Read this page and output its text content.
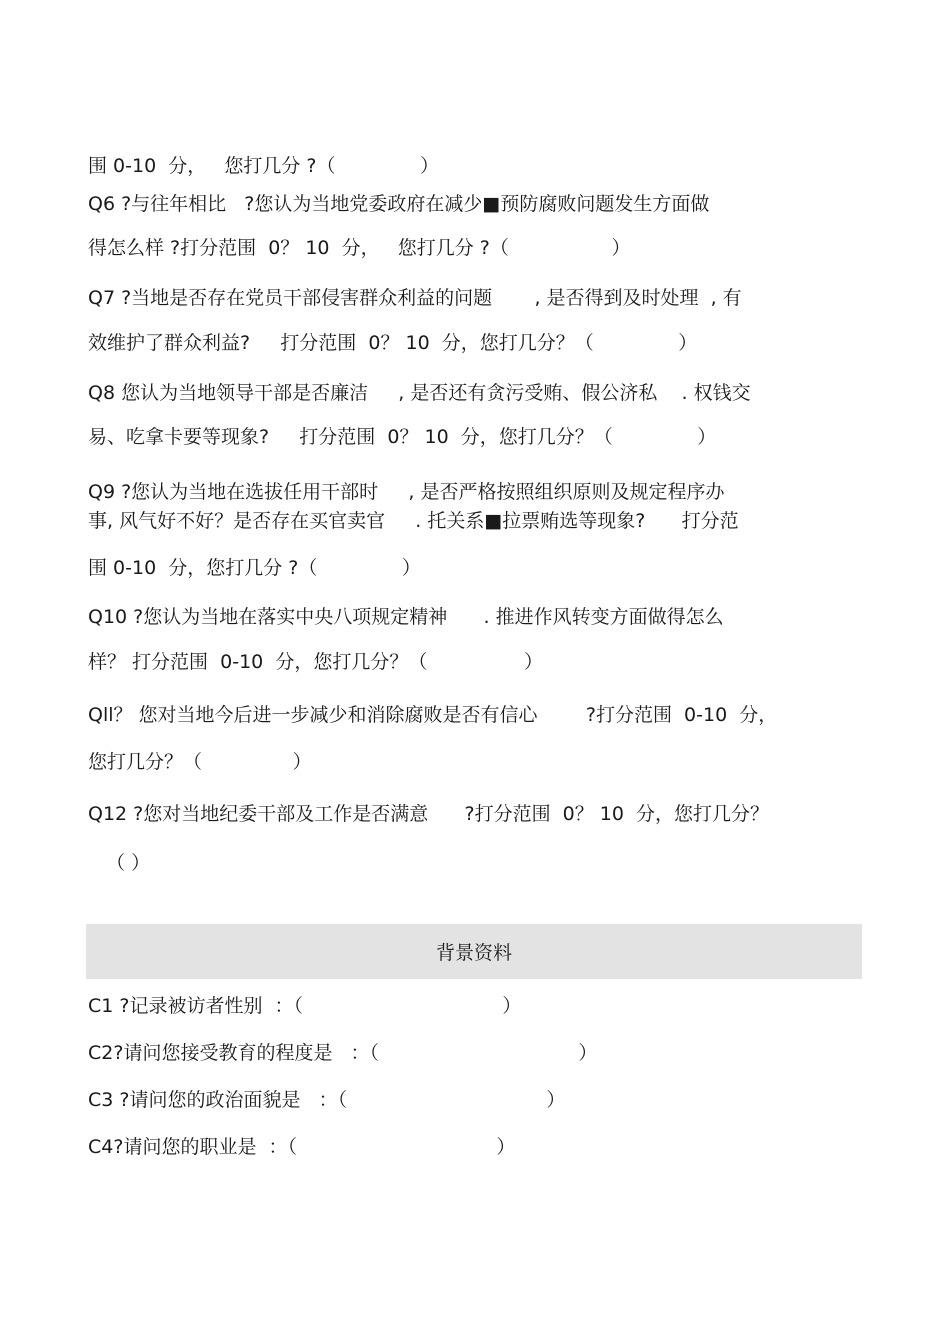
围 0-10  分，   您打几分 ?（              ）

Q6 ?与往年相比   ?您认为当地党委政府在减少■预防腐败问题发生方面做

得怎么样 ?打分范围  0？ 10  分，   您打几分 ?（                 ）

Q7 ?当地是否存在党员干部侵害群众利益的问题       , 是否得到及时处理  , 有

效维护了群众利益?     打分范围  0？ 10  分，您打几分？（              ）

Q8 您认为当地领导干部是否廉洁     , 是否还有贪污受贿、假公济私    . 权钱交

易、吃拿卡要等现象?     打分范围  0？ 10  分，您打几分？（              ）

Q9 ?您认为当地在选拔任用干部时     , 是否严格按照组织原则及规定程序办

事, 风气好不好？是否存在买官卖官     . 托关系■拉票贿选等现象?      打分范

围 0-10  分，您打几分 ?（              ）

Q10 ?您认为当地在落实中央八项规定精神      . 推进作风转变方面做得怎么

样？ 打分范围  0-10  分，您打几分？（                ）

Qll？ 您对当地今后进一步减少和消除腐败是否有信心        ?打分范围  0-10  分，

您打几分？（               ）

Q12 ?您对当地纪委干部及工作是否满意      ?打分范围  0？ 10  分，您打几分？

（ ）

背景资料

C1 ?记录被访者性别  ：（                                 ）

C2?请问您接受教育的程度是   ：（                                 ）

C3 ?请问您的政治面貌是   ：（                                 ）

C4?请问您的职业是  ：（                                 ）
